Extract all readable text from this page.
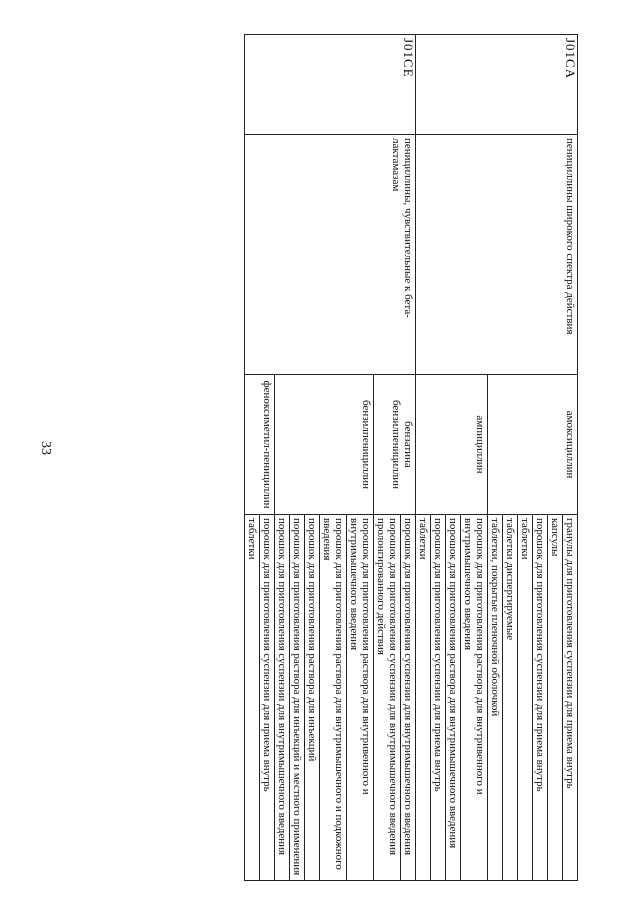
33
J01CA	пенициллины широкого спектра действия	амоксициллин	гранулы для приготовления суспензии для приема внутрь
			капсулы
			порошок для приготовления суспензии для приема внутрь
			таблетки
			таблетки диспергируемые
			таблетки, покрытые пленочной оболочкой
		ампициллин	порошок для приготовления раствора для внутривенного и внутримышечного введения
			порошок для приготовления раствора для внутримышечного введения
			порошок для приготовления суспензии для приема внутрь
			таблетки
J01CE	пенициллины, чувствительные к бета-лактамазам	бензатина бензилпенициллин	порошок для приготовления суспензии для внутримышечного введения
			порошок для приготовления суспензии для внутримышечного введения пролонгированного действия
		бензилпенициллин	порошок для приготовления раствора для внутривенного и внутримышечного введения
			порошок для приготовления раствора для внутримышечного и подкожного введения
			порошок для приготовления раствора для инъекций
			порошок для приготовления раствора для инъекций и местного применения
			порошок для приготовления суспензии для внутримышечного введения
		феноксиметил-пенициллин	порошок для приготовления суспензии для приема внутрь
			таблетки
